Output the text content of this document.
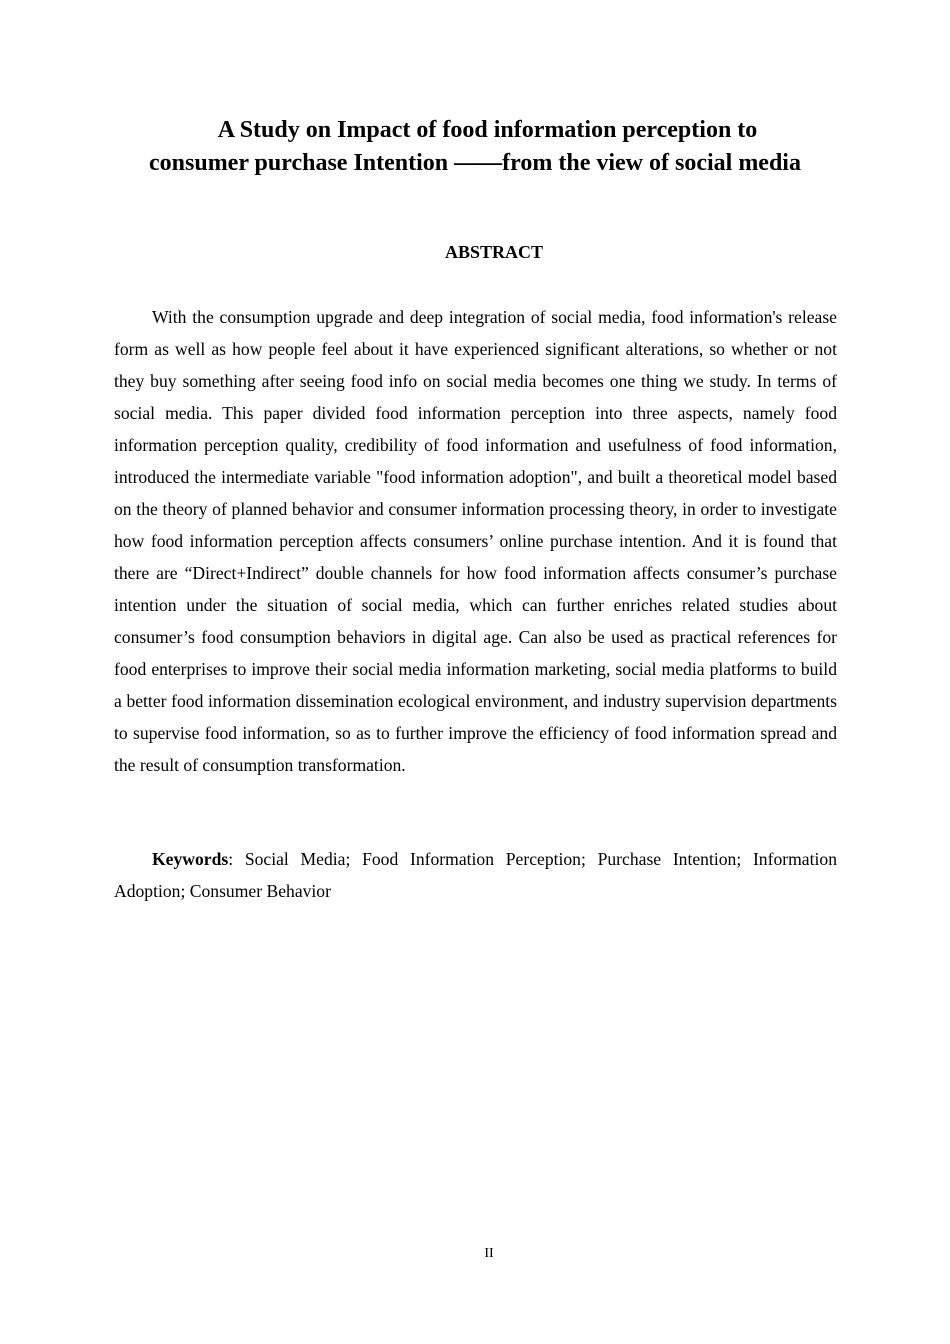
A Study on Impact of food information perception to
consumer purchase Intention ——from the view of social media
ABSTRACT

With the consumption upgrade and deep integration of social media, food information's release form as well as how people feel about it have experienced significant alterations, so whether or not they buy something after seeing food info on social media becomes one thing we study. In terms of social media. This paper divided food information perception into three aspects, namely food information perception quality, credibility of food information and usefulness of food information, introduced the intermediate variable "food information adoption", and built a theoretical model based on the theory of planned behavior and consumer information processing theory, in order to investigate how food information perception affects consumers’ online purchase intention. And it is found that there are “Direct+Indirect” double channels for how food information affects consumer’s purchase intention under the situation of social media, which can further enriches related studies about consumer’s food consumption behaviors in digital age. Can also be used as practical references for food enterprises to improve their social media information marketing, social media platforms to build a better food information dissemination ecological environment, and industry supervision departments to supervise food information, so as to further improve the efficiency of food information spread and the result of consumption transformation.

Keywords: Social Media; Food Information Perception; Purchase Intention; Information Adoption; Consumer Behavior

II
